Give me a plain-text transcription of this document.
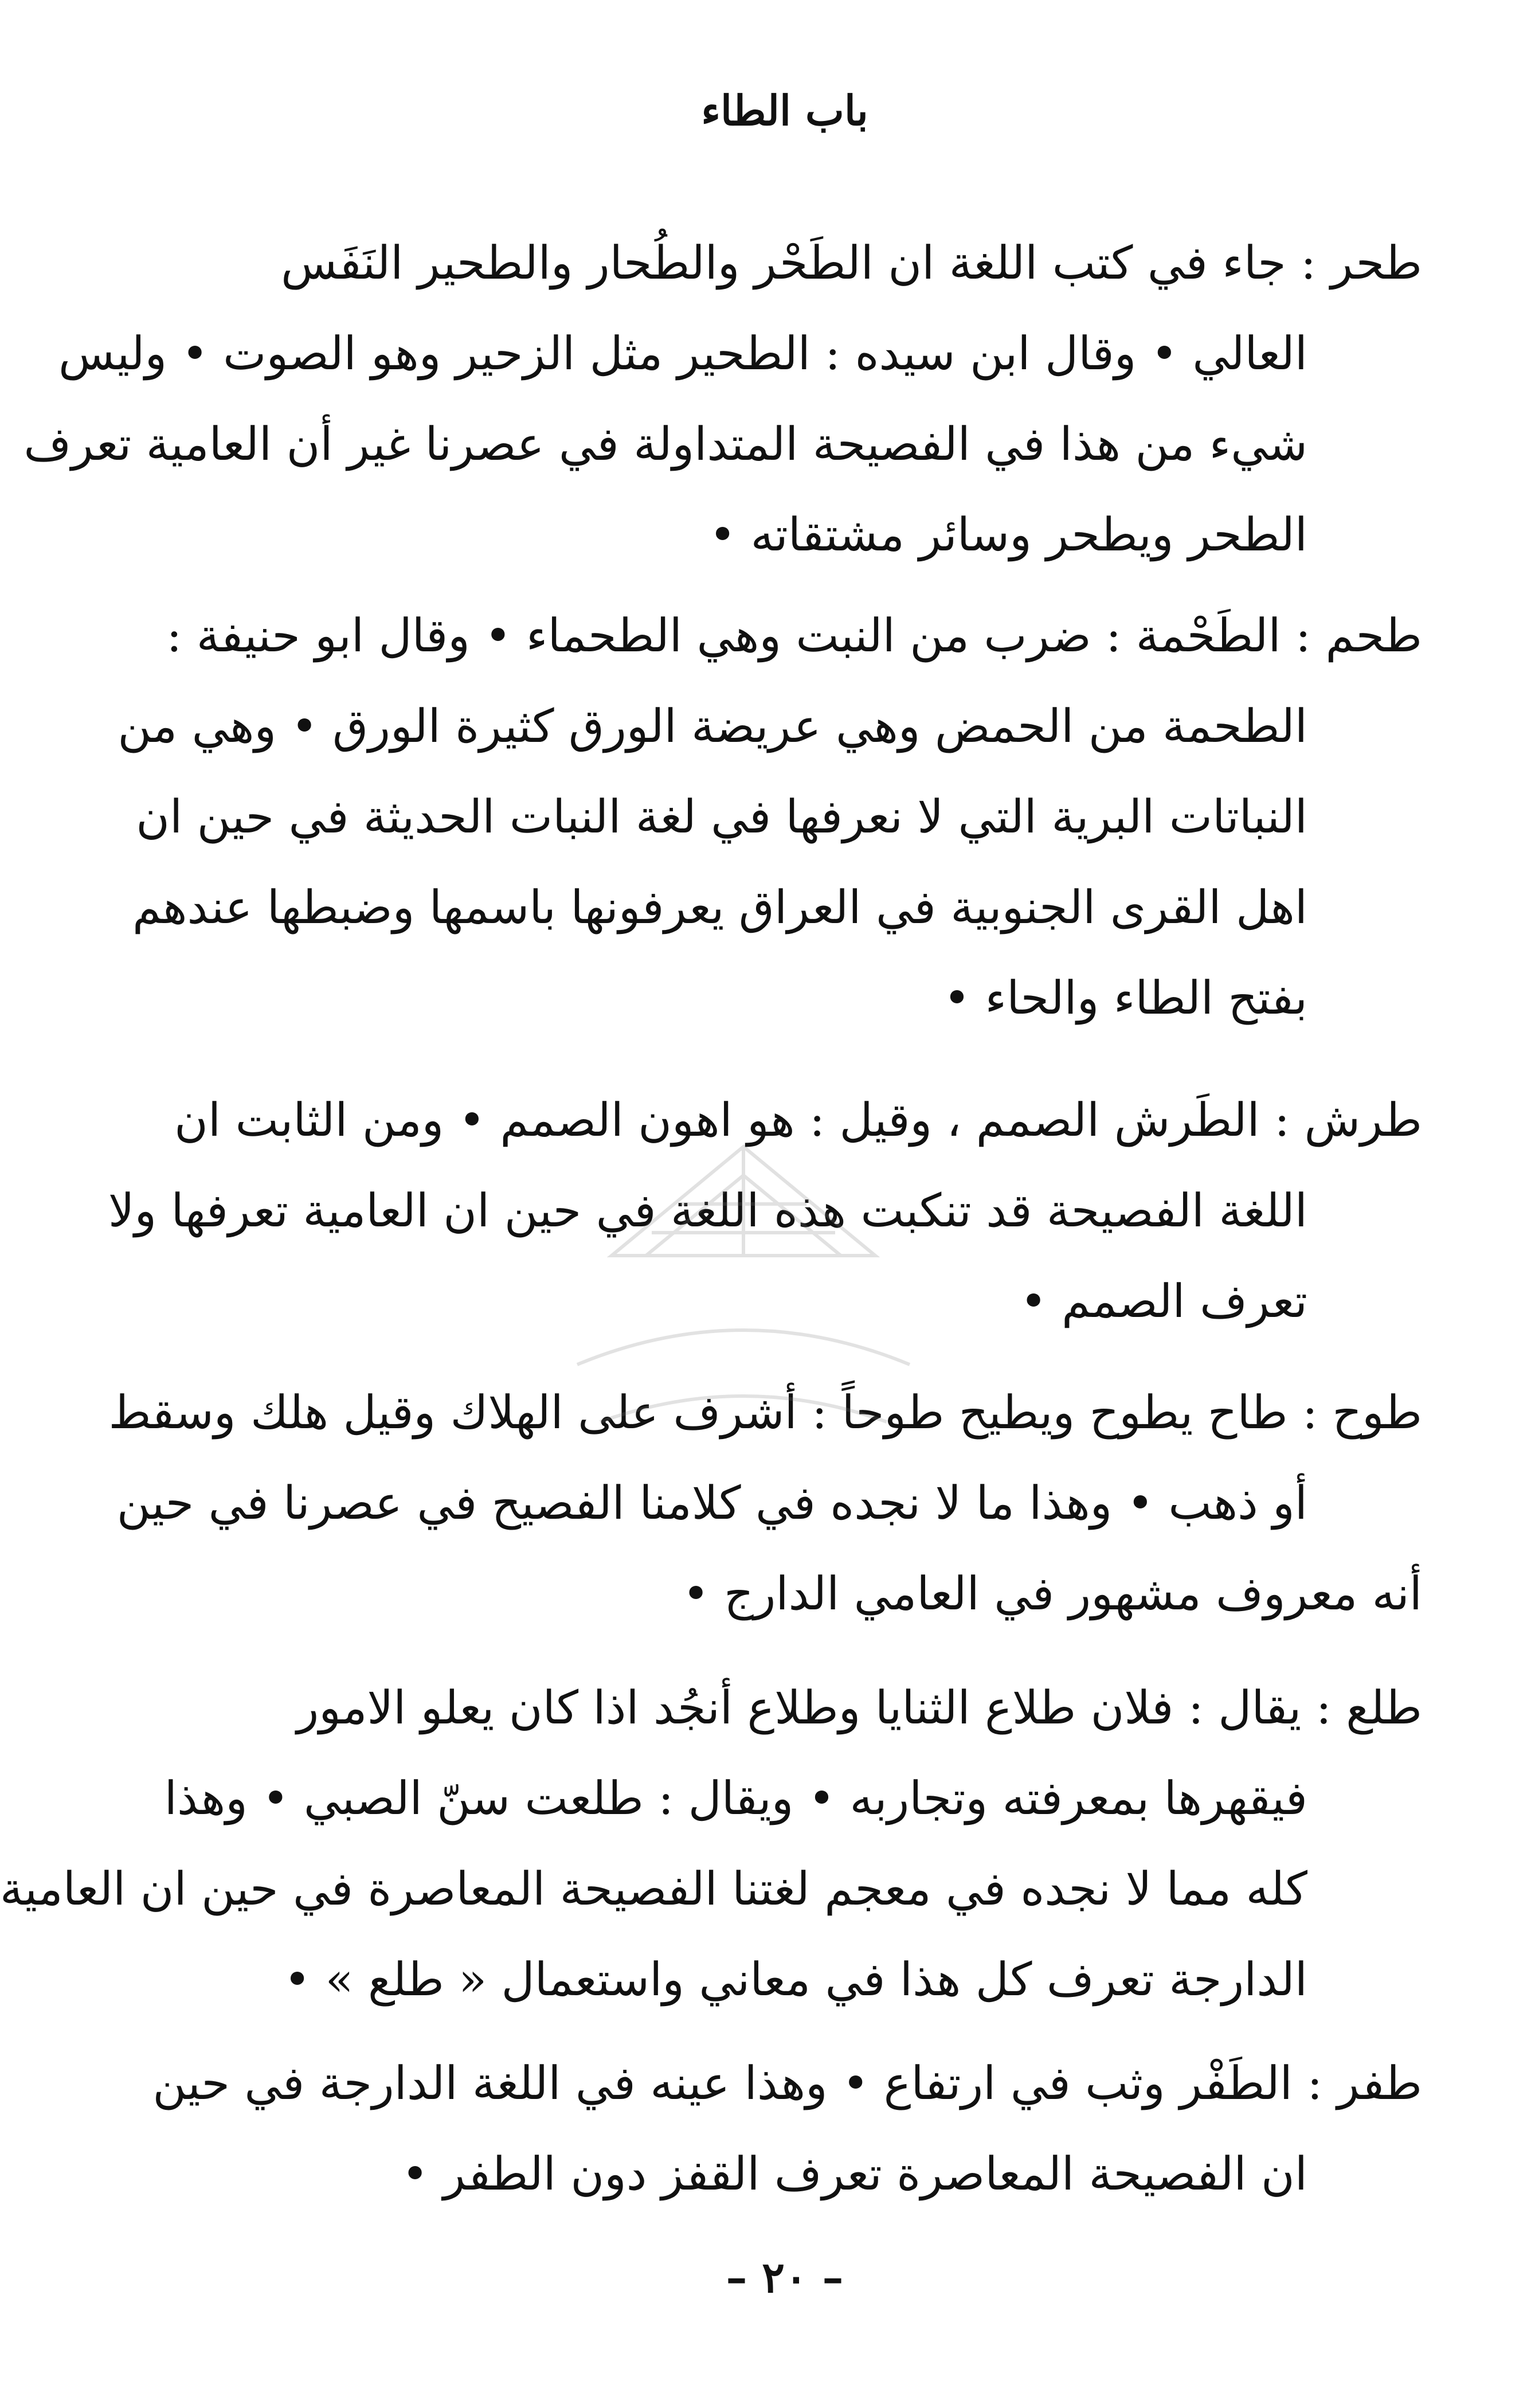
باب الطاء
طحر : جاء في كتب اللغة ان الطَحْر والطُحار والطحير النَفَس
العالي • وقال ابن سيده : الطحير مثل الزحير وهو الصوت • وليس
شيء من هذا في الفصيحة المتداولة في عصرنا غير أن العامية تعرف
الطحر ويطحر وسائر مشتقاته •
طحم : الطَحْمة : ضرب من النبت وهي الطحماء • وقال ابو حنيفة :
الطحمة من الحمض وهي عريضة الورق كثيرة الورق • وهي من
النباتات البرية التي لا نعرفها في لغة النبات الحديثة في حين ان
اهل القرى الجنوبية في العراق يعرفونها باسمها وضبطها عندهم
بفتح الطاء والحاء •
طرش : الطَرش الصمم ، وقيل : هو اهون الصمم • ومن الثابت ان
اللغة الفصيحة قد تنكبت هذه اللغة في حين ان العامية تعرفها ولا
تعرف الصمم •
طوح : طاح يطوح ويطيح طوحاً : أشرف على الهلاك وقيل هلك وسقط
أو ذهب • وهذا ما لا نجده في كلامنا الفصيح في عصرنا في حين
أنه معروف مشهور في العامي الدارج •
طلع : يقال : فلان طلاع الثنايا وطلاع أنجُد اذا كان يعلو الامور
فيقهرها بمعرفته وتجاربه • ويقال : طلعت سنّ الصبي • وهذا
كله مما لا نجده في معجم لغتنا الفصيحة المعاصرة في حين ان العامية
الدارجة تعرف كل هذا في معاني واستعمال « طلع » •
طفر : الطَفْر وثب في ارتفاع • وهذا عينه في اللغة الدارجة في حين
ان الفصيحة المعاصرة تعرف القفز دون الطفر •
– ٢٠ –
